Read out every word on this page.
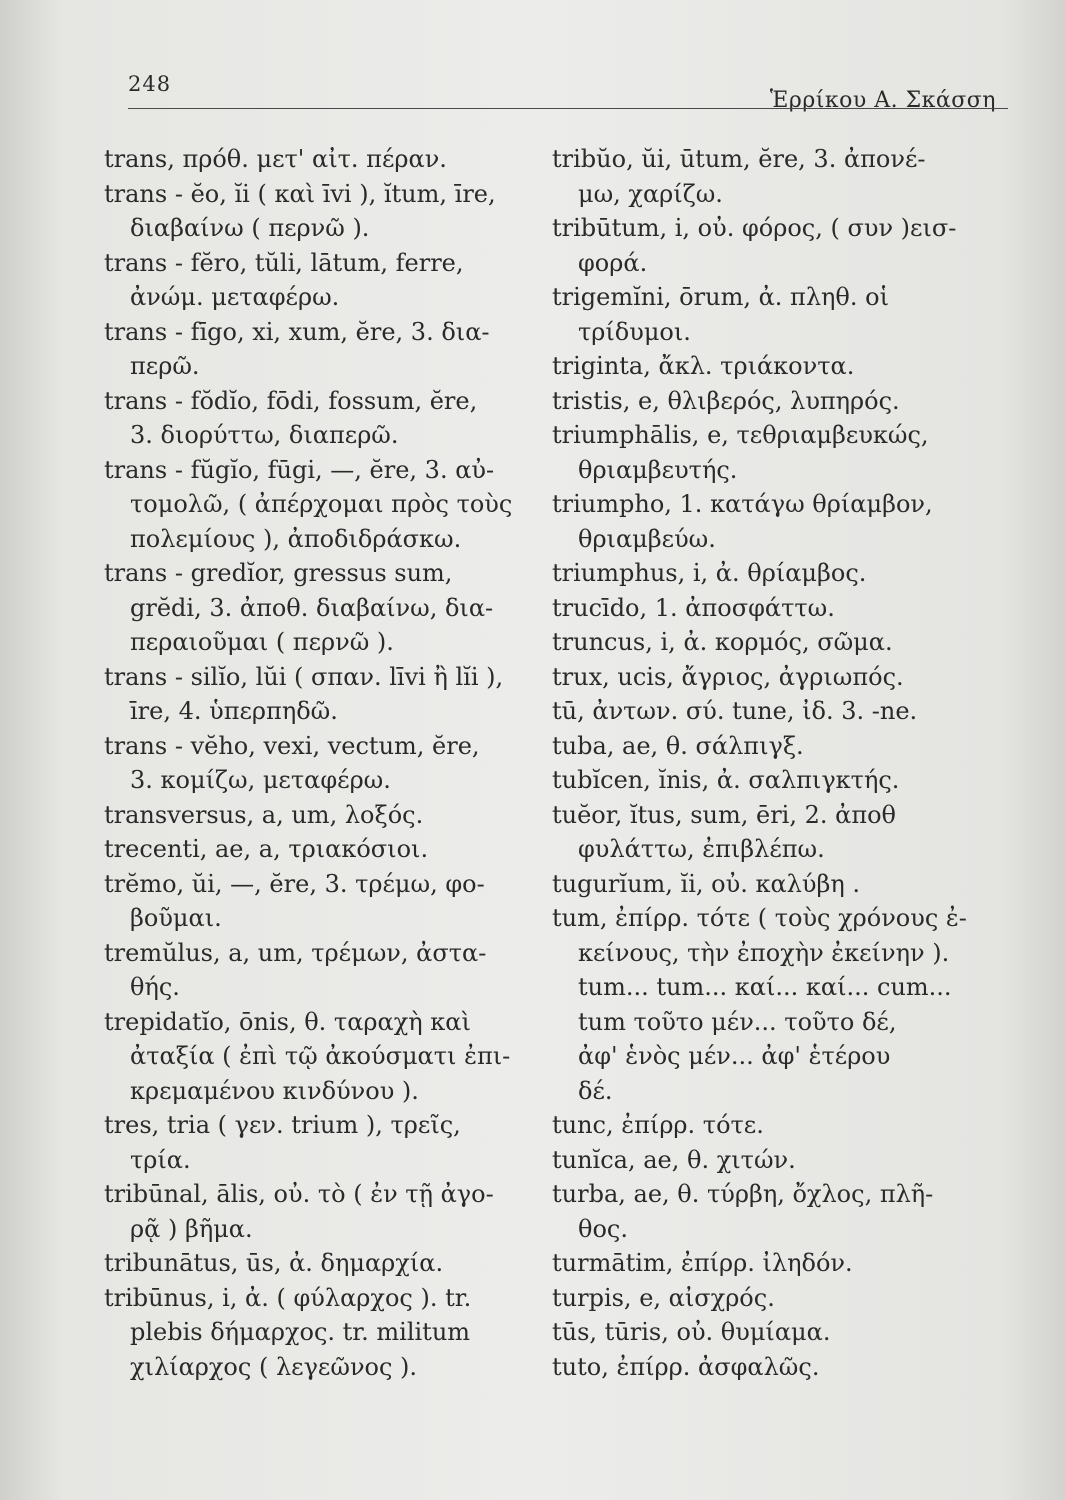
248
Ἑρρίκου Α. Σκάσση
trans, πρόθ. μετ' αἰτ. πέραν.
trans - ĕo, ĭi ( καὶ īvi ), ĭtum, īre,
διαβαίνω ( περνῶ ).
trans - fĕro, tŭli, lātum, ferre,
ἀνώμ. μεταφέρω.
trans - fīgo, xi, xum, ĕre, 3. δια-
περῶ.
trans - fŏdĭo, fōdi, fossum, ĕre,
3. διορύττω, διαπερῶ.
trans - fŭgĭo, fūgi, —, ĕre, 3. αὐ-
τομολῶ, ( ἀπέρχομαι πρὸς τοὺς
πολεμίους ), ἀποδιδράσκω.
trans - gredĭor, gressus sum,
grĕdi, 3. ἀποθ. διαβαίνω, δια-
περαιοῦμαι ( περνῶ ).
trans - silĭo, lŭi ( σπαν. līvi ἢ lĭi ),
īre, 4. ὑπερπηδῶ.
trans - vĕho, vexi, vectum, ĕre,
3. κομίζω, μεταφέρω.
transversus, a, um, λοξός.
trecenti, ae, a, τριακόσιοι.
trĕmo, ŭi, —, ĕre, 3. τρέμω, φο-
βοῦμαι.
tremŭlus, a, um, τρέμων, ἀστα-
θής.
trepidatĭo, ōnis, θ. ταραχὴ καὶ
ἀταξία ( ἐπὶ τῷ ἀκούσματι ἐπι-
κρεμαμένου κινδύνου ).
tres, tria ( γεν. trium ), τρεῖς,
τρία.
tribūnal, ālis, οὐ. τὸ ( ἐν τῇ ἀγο-
ρᾷ ) βῆμα.
tribunātus, ūs, ἀ. δημαρχία.
tribūnus, i, ἀ. ( φύλαρχος ). tr.
plebis δήμαρχος. tr. militum
χιλίαρχος ( λεγεῶνος ).
tribŭo, ŭi, ūtum, ĕre, 3. ἀπονέ-
μω, χαρίζω.
tribūtum, i, οὐ. φόρος, ( συν )εισ-
φορά.
trigemĭni, ōrum, ἀ. πληθ. οἱ
τρίδυμοι.
triginta, ἄκλ. τριάκοντα.
tristis, e, θλιβερός, λυπηρός.
triumphālis, e, τεθριαμβευκώς,
θριαμβευτής.
triumpho, 1. κατάγω θρίαμβον,
θριαμβεύω.
triumphus, i, ἀ. θρίαμβος.
trucīdo, 1. ἀποσφάττω.
truncus, i, ἀ. κορμός, σῶμα.
trux, ucis, ἄγριος, ἀγριωπός.
tū, ἀντων. σύ. tune, ἰδ. 3. -ne.
tuba, ae, θ. σάλπιγξ.
tubĭcen, ĭnis, ἀ. σαλπιγκτής.
tuĕor, ĭtus, sum, ēri, 2. ἀποθ
φυλάττω, ἐπιβλέπω.
tugurĭum, ĭi, οὐ. καλύβη .
tum, ἐπίρρ. τότε ( τοὺς χρόνους ἐ-
κείνους, τὴν ἐποχὴν ἐκείνην ).
tum... tum... καί... καί... cum...
tum τοῦτο μέν... τοῦτο δέ,
ἀφ' ἑνὸς μέν... ἀφ' ἑτέρου
δέ.
tunc, ἐπίρρ. τότε.
tunĭca, ae, θ. χιτών.
turba, ae, θ. τύρβη, ὄχλος, πλῆ-
θος.
turmātim, ἐπίρρ. ἰληδόν.
turpis, e, αἰσχρός.
tūs, tūris, οὐ. θυμίαμα.
tuto, ἐπίρρ. ἀσφαλῶς.
